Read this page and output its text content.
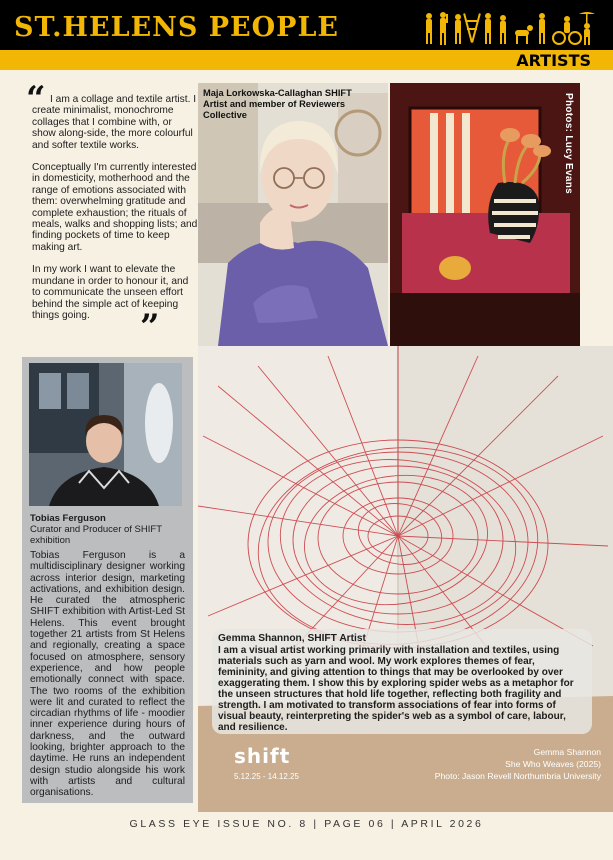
ST.HELENS PEOPLE
ARTISTS
“ I am a collage and textile artist. I create minimalist, monochrome collages that I combine with, or show along-side, the more colourful and softer textile works.

Conceptually I'm currently interested in domesticity, motherhood and the range of emotions associated with them: overwhelming gratitude and complete exhaustion; the rituals of meals, walks and shopping lists; and finding pockets of time to keep making art.

In my work I want to elevate the mundane in order to honour it, and to communicate the unseen effort behind the simple act of keeping things going.	”
Maja Lorkowska-Callaghan SHIFT Artist and member of Reviewers Collective	Photos: Lucy Evans
Tobias Ferguson
Curator and Producer of SHIFT exhibition
Tobias Ferguson is a multidisciplinary designer working across interior design, marketing activations, and exhibition design. He curated the atmospheric SHIFT exhibition with Artist-Led St Helens. This event brought together 21 artists from St Helens and regionally, creating a space focused on atmosphere, sensory experience, and how people emotionally connect with space. The two rooms of the exhibition were lit and curated to reflect the circadian rhythms of life - moodier inner experience during hours of darkness, and the outward looking, brighter approach to the daytime. He runs an independent design studio alongside his work with artists and cultural organisations.
Gemma Shannon, SHIFT Artist
I am a visual artist working primarily with installation and textiles, using materials such as yarn and wool. My work explores themes of fear, femininity, and giving attention to things that may be overlooked by over exaggerating them. I show this by exploring spider webs as a metaphor for the unseen structures that hold life together, reflecting both fragility and strength. I am motivated to transform associations of fear into forms of visual beauty, reinterpreting the spider's web as a symbol of care, labour, and resilience.
shift
5.12.25 - 14.12.25
Gemma Shannon
She Who Weaves (2025)
Photo: Jason Revell Northumbria University
GLASS EYE ISSUE NO. 8 | PAGE 06 | APRIL 2026
